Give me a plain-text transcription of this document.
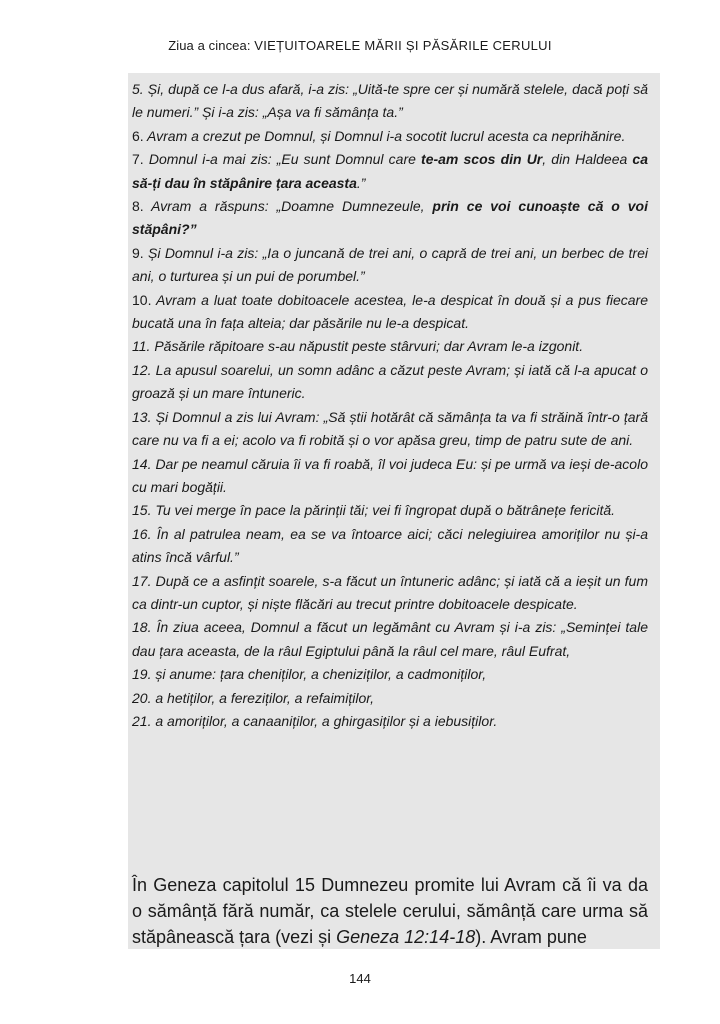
Ziua a cincea: VIEȚUITOARELE MĂRII ȘI PĂSĂRILE CERULUI

5. Și, după ce l-a dus afară, i-a zis: „Uită-te spre cer și numără stelele, dacă poți să le numeri.” Și i-a zis: „Așa va fi sămânța ta.”

6. Avram a crezut pe Domnul, și Domnul i-a socotit lucrul acesta ca neprihănire.

7. Domnul i-a mai zis: „Eu sunt Domnul care te-am scos din Ur, din Haldeea ca să-ți dau în stăpânire țara aceasta.”

8. Avram a răspuns: „Doamne Dumnezeule, prin ce voi cunoaște că o voi stăpâni?”

9. Și Domnul i-a zis: „Ia o juncană de trei ani, o capră de trei ani, un berbec de trei ani, o turturea și un pui de porumbel.”

10. Avram a luat toate dobitoacele acestea, le-a despicat în două și a pus fiecare bucată una în fața alteia; dar păsările nu le-a despicat.

11. Păsările răpitoare s-au năpustit peste stârvuri; dar Avram le-a izgonit.

12. La apusul soarelui, un somn adânc a căzut peste Avram; și iată că l-a apucat o groază și un mare întuneric.

13. Și Domnul a zis lui Avram: „Să știi hotărât că sămânța ta va fi străină într-o țară care nu va fi a ei; acolo va fi robită și o vor apăsa greu, timp de patru sute de ani.

14. Dar pe neamul căruia îi va fi roabă, îl voi judeca Eu: și pe urmă va ieși de-acolo cu mari bogății.

15. Tu vei merge în pace la părinții tăi; vei fi îngropat după o bătrânețe fericită.

16. În al patrulea neam, ea se va întoarce aici; căci nelegiuirea amoriților nu și-a atins încă vârful.”

17. După ce a asfințit soarele, s-a făcut un întuneric adânc; și iată că a ieșit un fum ca dintr-un cuptor, și niște flăcări au trecut printre dobitoacele despicate.

18. În ziua aceea, Domnul a făcut un legământ cu Avram și i-a zis: „Seminței tale dau țara aceasta, de la râul Egiptului până la râul cel mare, râul Eufrat,

19. și anume: țara cheniților, a cheniziților, a cadmoniților,

20. a hetiților, a fereziților, a refaimiților,

21. a amoriților, a canaaniților, a ghirgasiților și a iebusiților.

În Geneza capitolul 15 Dumnezeu promite lui Avram că îi va da o sămânță fără număr, ca stelele cerului, sămânță care urma să stăpânească țara (vezi și Geneza 12:14-18). Avram pune

144
